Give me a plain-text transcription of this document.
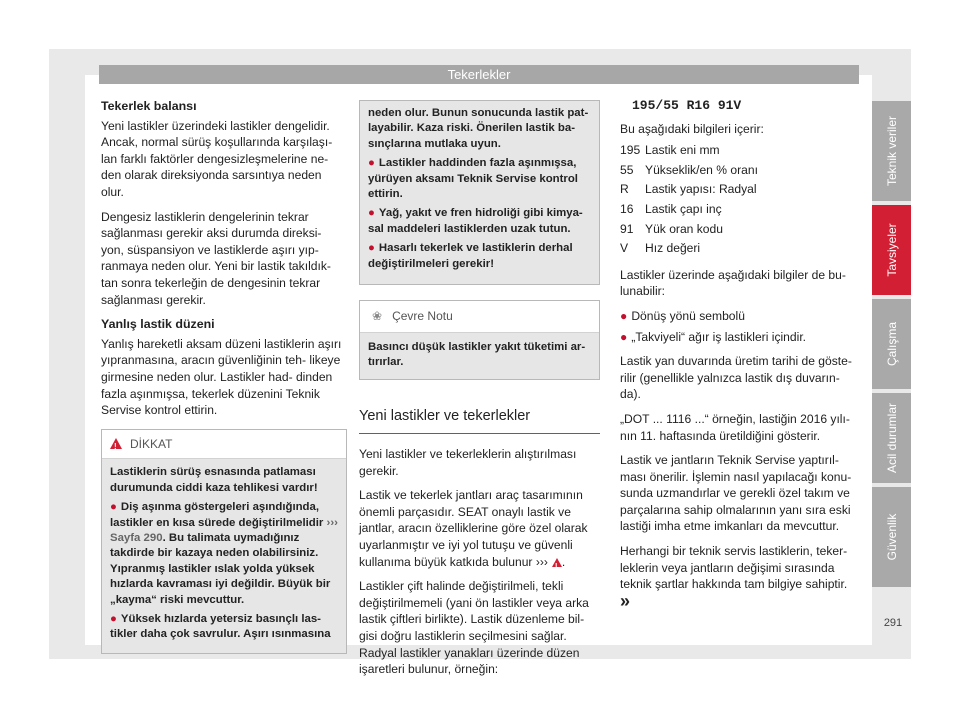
Tekerlekler
Tekerlek balansı

Yeni lastikler üzerindeki lastikler dengelidir. Ancak, normal sürüş koşullarında karşılaşı- lan farklı faktörler dengesizleşmelerine ne- den olarak direksiyonda sarsıntıya neden olur.

Dengesiz lastiklerin dengelerinin tekrar sağlanması gerekir aksi durumda direksi- yon, süspansiyon ve lastiklerde aşırı yıp- ranmaya neden olur. Yeni bir lastik takıldık- tan sonra tekerleğin de dengesinin tekrar sağlanması gerekir.

Yanlış lastik düzeni

Yanlış hareketli aksam düzeni lastiklerin aşırı yıpranmasına, aracın güvenliğinin teh- likeye girmesine neden olur. Lastikler had- dinden fazla aşınmışsa, tekerlek düzenini Teknik Servise kontrol ettirin.

!DİKKAT

Lastiklerin sürüş esnasında patlaması durumunda ciddi kaza tehlikesi vardır!

● Diş aşınma göstergeleri aşındığında, lastikler en kısa sürede değiştirilmelidir ››› Sayfa 290. Bu talimata uymadığınız takdirde bir kazaya neden olabilirsiniz. Yıpranmış lastikler ıslak yolda yüksek hızlarda kavraması iyi değildir. Büyük bir „kayma“ riski mevcuttur.

● Yüksek hızlarda yetersiz basınçlı las- tikler daha çok savrulur. Aşırı ısınmasına

neden olur. Bunun sonucunda lastik pat- layabilir. Kaza riski. Önerilen lastik ba- sınçlarına mutlaka uyun.

● Lastikler haddinden fazla aşınmışsa, yürüyen aksamı Teknik Servise kontrol ettirin.

● Yağ, yakıt ve fren hidroliği gibi kimya- sal maddeleri lastiklerden uzak tutun.

● Hasarlı tekerlek ve lastiklerin derhal değiştirilmeleri gerekir!

❀ Çevre Notu
Basıncı düşük lastikler yakıt tüketimi ar- tırırlar.
Yeni lastikler ve tekerlekler

Yeni lastikler ve tekerleklerin alıştırılması gerekir.

Lastik ve tekerlek jantları araç tasarımının önemli parçasıdır. SEAT onaylı lastik ve jantlar, aracın özelliklerine göre özel olarak uyarlanmıştır ve iyi yol tutuşu ve güvenli kullanıma büyük katkıda bulunur ››› ! .

Lastikler çift halinde değiştirilmeli, tekli değiştirilmemeli (yani ön lastikler veya arka lastik çiftleri birlikte). Lastik düzenleme bil- gisi doğru lastiklerin seçilmesini sağlar. Radyal lastikler yanakları üzerinde düzen işaretleri bulunur, örneğin:

195/55 R16 91V

Bu aşağıdaki bilgileri içerir:

195	Lastik eni mm
55	Yükseklik/en % oranı
R	Lastik yapısı: Radyal
16	Lastik çapı inç
91	Yük oran kodu
V	Hız değeri

Lastikler üzerinde aşağıdaki bilgiler de bu- lunabilir:

● Dönüş yönü sembolü

● „Takviyeli“ ağır iş lastikleri içindir.

Lastik yan duvarında üretim tarihi de göste- rilir (genellikle yalnızca lastik dış duvarın- da).

„DOT ... 1116 ...“ örneğin, lastiğin 2016 yılı- nın 11. haftasında üretildiğini gösterir.

Lastik ve jantların Teknik Servise yaptırıl- ması önerilir. İşlemin nasıl yapılacağı konu- sunda uzmandırlar ve gerekli özel takım ve parçalarına sahip olmalarının yanı sıra eski lastiği imha etme imkanları da mevcuttur.

Herhangi bir teknik servis lastiklerin, teker- leklerin veya jantların değişimi sırasında teknik şartlar hakkında tam bilgiye sahiptir. »

Teknik veriler
Tavsiyeler
Çalışma
Acil durumlar
Güvenlik
291
